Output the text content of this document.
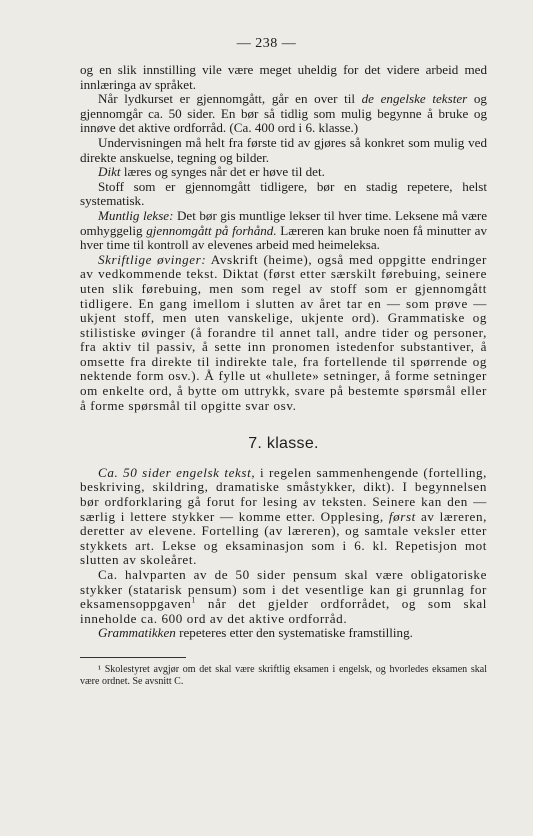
— 238 —

og en slik innstilling vile være meget uheldig for det videre arbeid med innlæringa av språket.

Når lydkurset er gjennomgått, går en over til de engelske tekster og gjennomgår ca. 50 sider. En bør så tidlig som mulig begynne å bruke og innøve det aktive ordforråd. (Ca. 400 ord i 6. klasse.)

Undervisningen må helt fra første tid av gjøres så konkret som mulig ved direkte anskuelse, tegning og bilder.

Dikt læres og synges når det er høve til det.

Stoff som er gjennomgått tidligere, bør en stadig repetere, helst systematisk.

Muntlig lekse: Det bør gis muntlige lekser til hver time. Leksene må være omhyggelig gjennomgått på forhånd. Læreren kan bruke noen få minutter av hver time til kontroll av elevenes arbeid med heimeleksa.

Skriftlige øvinger: Avskrift (heime), også med oppgitte endringer av vedkommende tekst. Diktat (først etter særskilt førebuing, seinere uten slik førebuing, men som regel av stoff som er gjennomgått tidligere. En gang imellom i slutten av året tar en — som prøve — ukjent stoff, men uten vanskelige, ukjente ord). Grammatiske og stilistiske øvinger (å forandre til annet tall, andre tider og personer, fra aktiv til passiv, å sette inn pronomen istedenfor substantiver, å omsette fra direkte til indirekte tale, fra fortellende til spørrende og nektende form osv.). Å fylle ut «hullete» setninger, å forme setninger om enkelte ord, å bytte om uttrykk, svare på bestemte spørsmål eller å forme spørsmål til opgitte svar osv.

7. klasse.

Ca. 50 sider engelsk tekst, i regelen sammenhengende (fortelling, beskriving, skildring, dramatiske småstykker, dikt). I begynnelsen bør ordforklaring gå forut for lesing av teksten. Seinere kan den — særlig i lettere stykker — komme etter. Opplesing, først av læreren, deretter av elevene. Fortelling (av læreren), og samtale veksler etter stykkets art. Lekse og eksaminasjon som i 6. kl. Repetisjon mot slutten av skoleåret.

Ca. halvparten av de 50 sider pensum skal være obligatoriske stykker (statarisk pensum) som i det vesentlige kan gi grunnlag for eksamensoppgaven$^1$ når det gjelder ordforrådet, og som skal inneholde ca. 600 ord av det aktive ordforråd.

Grammatikken repeteres etter den systematiske framstilling.

¹ Skolestyret avgjør om det skal være skriftlig eksamen i engelsk, og hvorledes eksamen skal være ordnet. Se avsnitt C.
